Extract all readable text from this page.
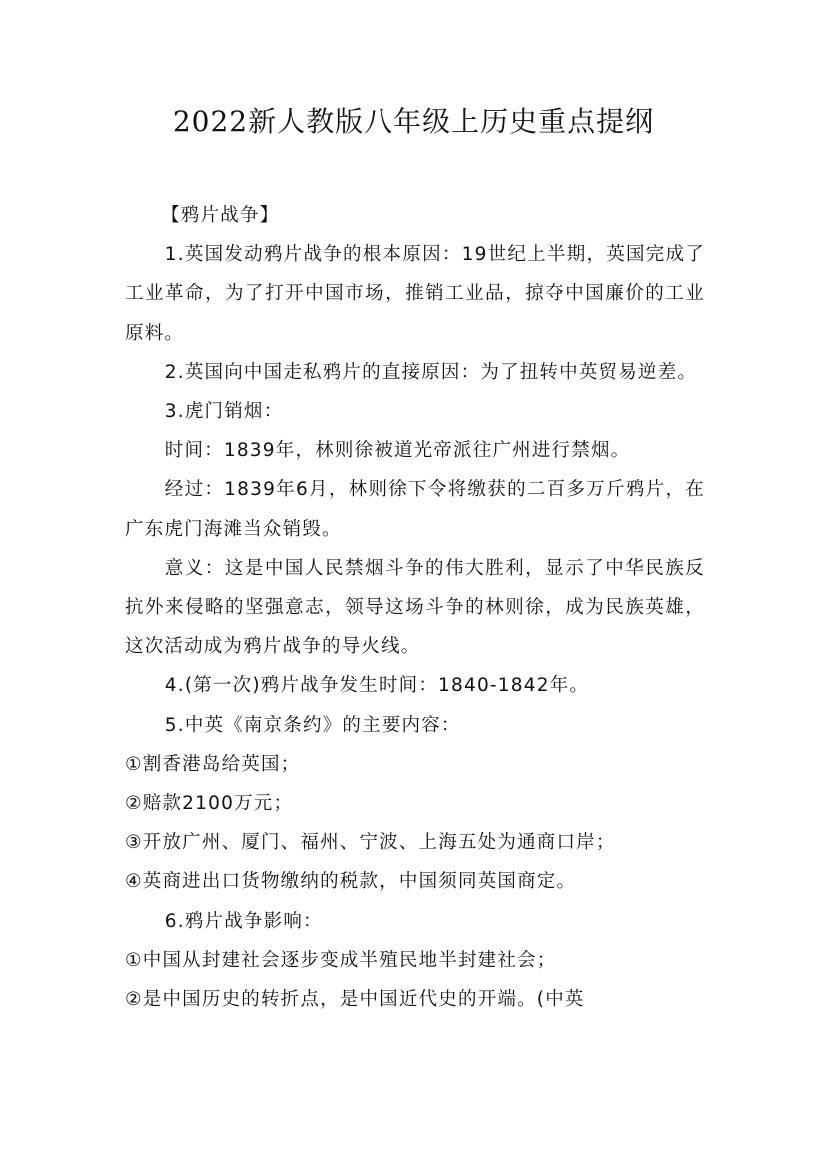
2022新人教版八年级上历史重点提纲

【鸦片战争】

1.英国发动鸦片战争的根本原因：19世纪上半期，英国完成了工业革命，为了打开中国市场，推销工业品，掠夺中国廉价的工业原料。

2.英国向中国走私鸦片的直接原因：为了扭转中英贸易逆差。

3.虎门销烟：

时间：1839年，林则徐被道光帝派往广州进行禁烟。

经过：1839年6月，林则徐下令将缴获的二百多万斤鸦片，在广东虎门海滩当众销毁。

意义：这是中国人民禁烟斗争的伟大胜利，显示了中华民族反抗外来侵略的坚强意志，领导这场斗争的林则徐，成为民族英雄，这次活动成为鸦片战争的导火线。

4.(第一次)鸦片战争发生时间：1840-1842年。

5.中英《南京条约》的主要内容：

①割香港岛给英国；

②赔款2100万元；

③开放广州、厦门、福州、宁波、上海五处为通商口岸；

④英商进出口货物缴纳的税款，中国须同英国商定。

6.鸦片战争影响：

①中国从封建社会逐步变成半殖民地半封建社会；

②是中国历史的转折点，是中国近代史的开端。(中英
